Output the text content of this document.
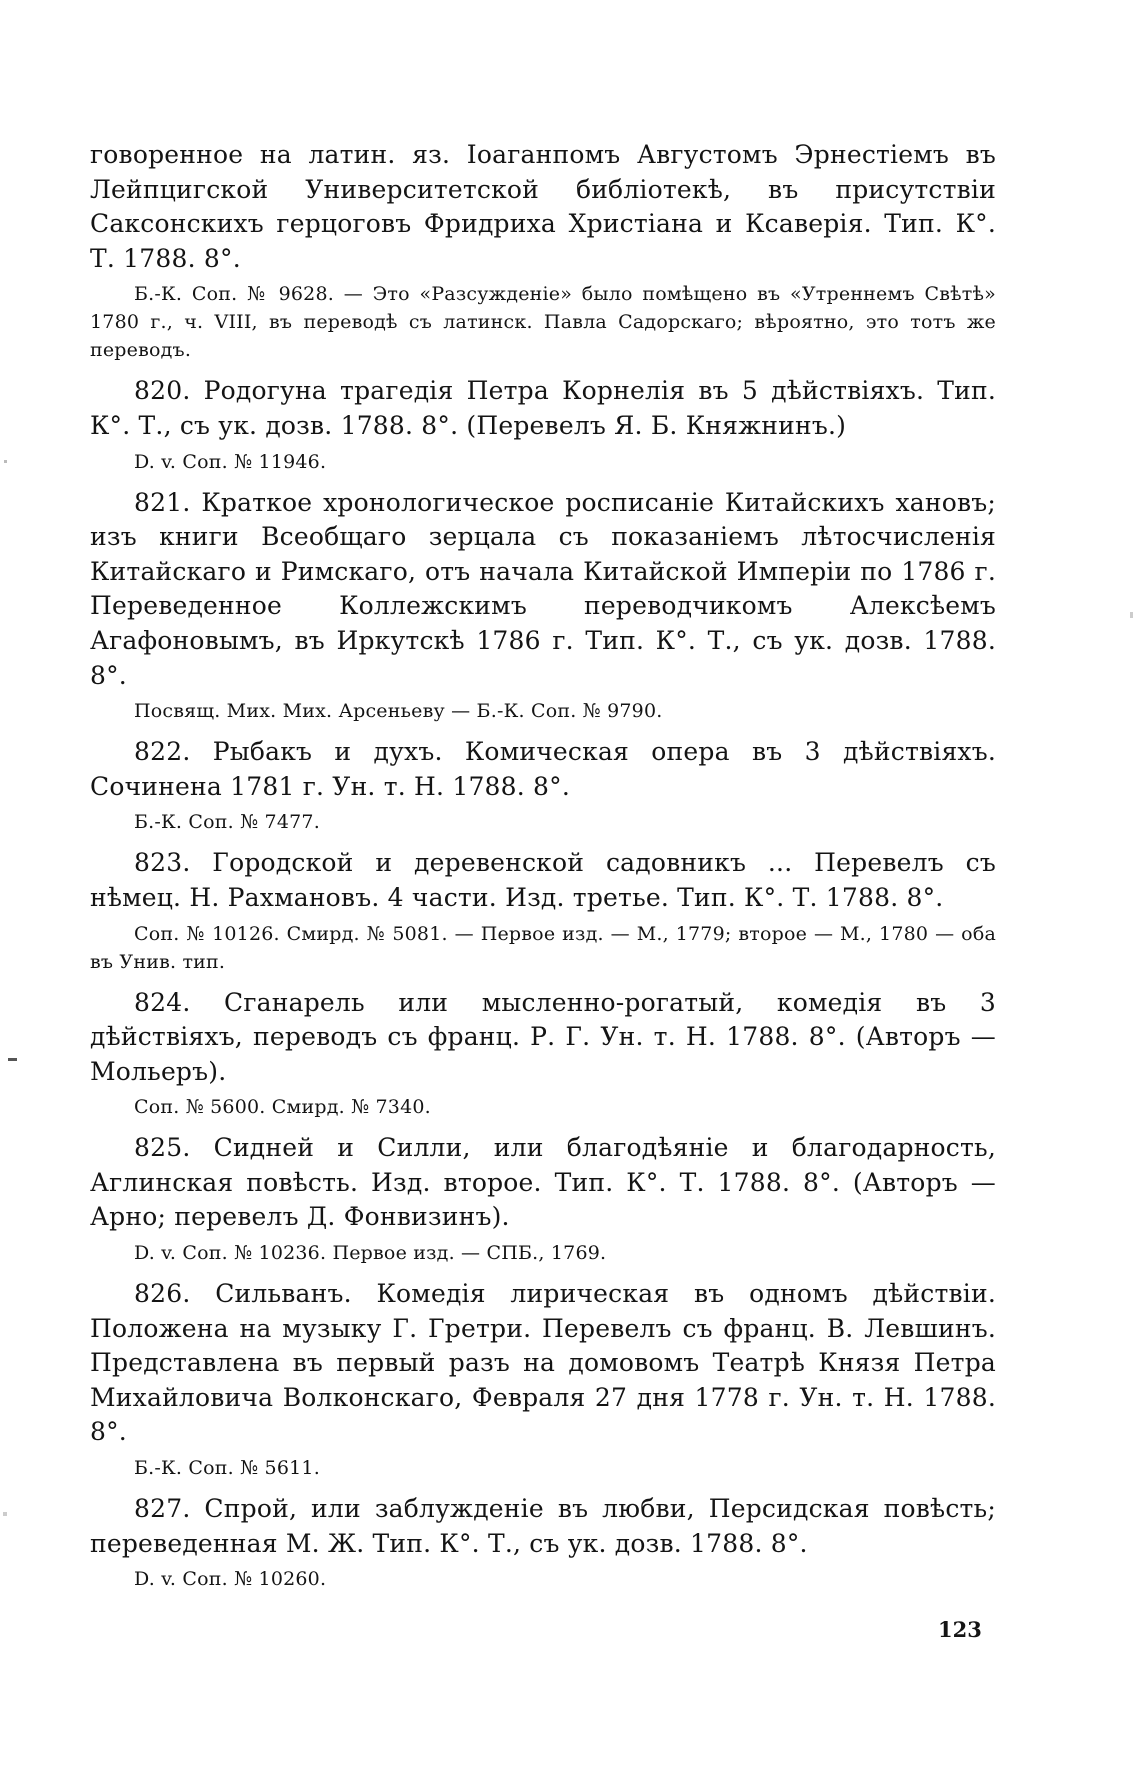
говоренное на латин. яз. Іоаганпомъ Августомъ Эрнестіемъ въ Лейпцигской Университетской библіотекѣ, въ присутствіи Саксонскихъ герцоговъ Фридриха Христіана и Ксаверія. Тип. К°. Т. 1788. 8°.

Б.-К. Соп. № 9628. — Это «Разсужденіе» было помѣщено въ «Утреннемъ Свѣтѣ» 1780 г., ч. VIII, въ переводѣ съ латинск. Павла Садорскаго; вѣроятно, это тотъ же переводъ.

820. Родогуна трагедія Петра Корнелія въ 5 дѣйствіяхъ. Тип. К°. Т., съ ук. дозв. 1788. 8°. (Перевелъ Я. Б. Княжнинъ.)

D. v. Соп. № 11946.

821. Краткое хронологическое росписаніе Китайскихъ хановъ; изъ книги Всеобщаго зерцала съ показаніемъ лѣтосчисленія Китайскаго и Римскаго, отъ начала Китайской Имперіи по 1786 г. Переведенное Коллежскимъ переводчикомъ Алексѣемъ Агафоновымъ, въ Иркутскѣ 1786 г. Тип. К°. Т., съ ук. дозв. 1788. 8°.

Посвящ. Мих. Мих. Арсеньеву — Б.-К. Соп. № 9790.

822. Рыбакъ и духъ. Комическая опера въ 3 дѣйствіяхъ. Сочинена 1781 г. Ун. т. Н. 1788. 8°.

Б.-К. Соп. № 7477.

823. Городской и деревенской садовникъ ... Перевелъ съ нѣмец. Н. Рахмановъ. 4 части. Изд. третье. Тип. К°. Т. 1788. 8°.

Соп. № 10126. Смирд. № 5081. — Первое изд. — М., 1779; второе — М., 1780 — оба въ Унив. тип.

824. Сганарель или мысленно-рогатый, комедія въ 3 дѣйствіяхъ, переводъ съ франц. Р. Г. Ун. т. Н. 1788. 8°. (Авторъ — Мольеръ).

Соп. № 5600. Смирд. № 7340.

825. Сидней и Силли, или благодѣяніе и благодарность, Аглинская повѣсть. Изд. второе. Тип. К°. Т. 1788. 8°. (Авторъ — Арно; перевелъ Д. Фонвизинъ).

D. v. Соп. № 10236. Первое изд. — СПБ., 1769.

826. Сильванъ. Комедія лирическая въ одномъ дѣйствіи. Положена на музыку Г. Гретри. Перевелъ съ франц. В. Левшинъ. Представлена въ первый разъ на домовомъ Театрѣ Князя Петра Михайловича Волконскаго, Февраля 27 дня 1778 г. Ун. т. Н. 1788. 8°.

Б.-К. Соп. № 5611.

827. Спрой, или заблужденіе въ любви, Персидская повѣсть; переведенная М. Ж. Тип. К°. Т., съ ук. дозв. 1788. 8°.

D. v. Соп. № 10260.

123
